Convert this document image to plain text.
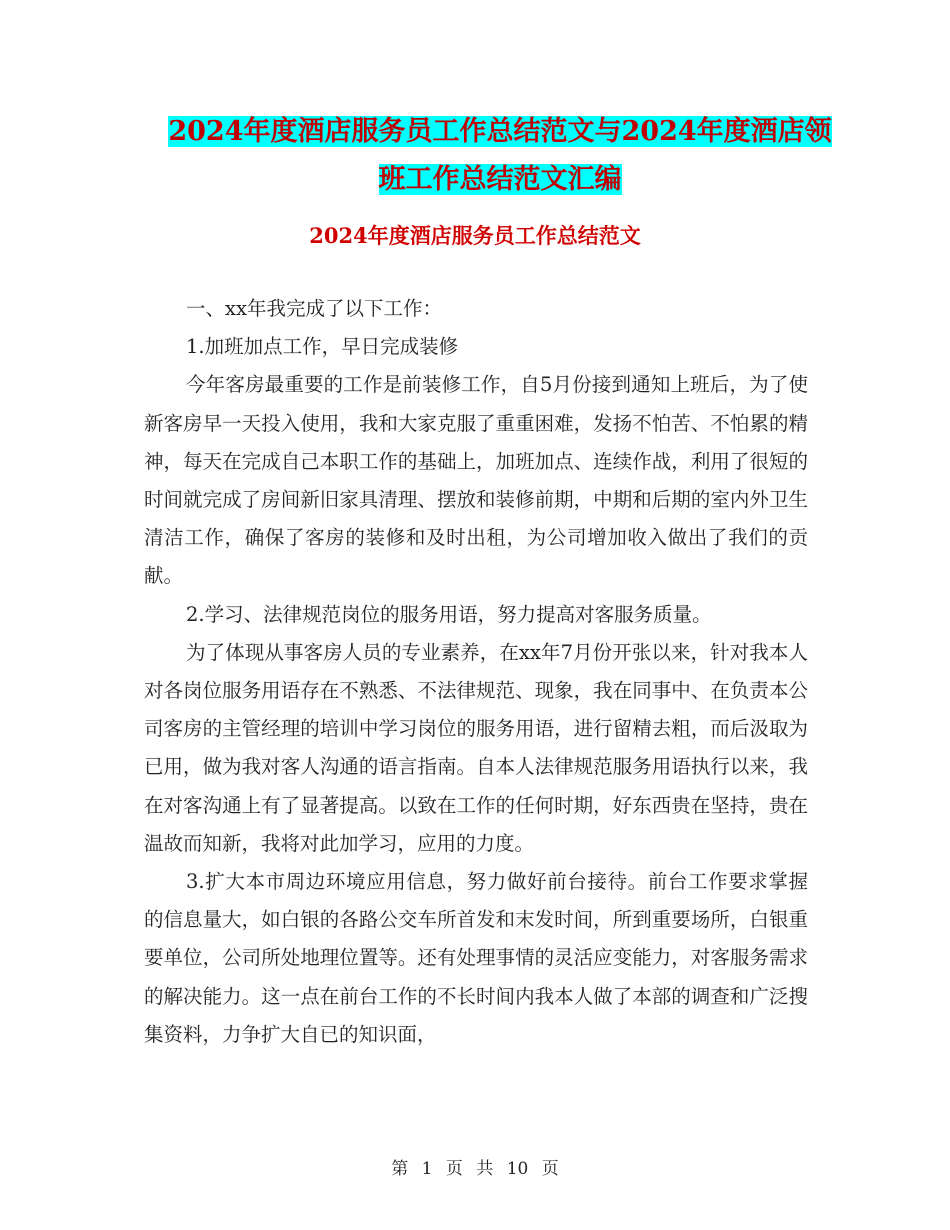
2024年度酒店服务员工作总结范文与2024年度酒店领
班工作总结范文汇编
2024年度酒店服务员工作总结范文

一、xx年我完成了以下工作：

1.加班加点工作，早日完成装修

今年客房最重要的工作是前装修工作，自5月份接到通知上班后，为了使新客房早一天投入使用，我和大家克服了重重困难，发扬不怕苦、不怕累的精神，每天在完成自己本职工作的基础上，加班加点、连续作战，利用了很短的时间就完成了房间新旧家具清理、摆放和装修前期，中期和后期的室内外卫生清洁工作，确保了客房的装修和及时出租，为公司增加收入做出了我们的贡献。

2.学习、法律规范岗位的服务用语，努力提高对客服务质量。

为了体现从事客房人员的专业素养，在xx年7月份开张以来，针对我本人对各岗位服务用语存在不熟悉、不法律规范、现象，我在同事中、在负责本公司客房的主管经理的培训中学习岗位的服务用语，进行留精去粗，而后汲取为已用，做为我对客人沟通的语言指南。自本人法律规范服务用语执行以来，我在对客沟通上有了显著提高。以致在工作的任何时期，好东西贵在坚持，贵在温故而知新，我将对此加学习，应用的力度。

3.扩大本市周边环境应用信息，努力做好前台接待。前台工作要求掌握的信息量大，如白银的各路公交车所首发和末发时间，所到重要场所，白银重要单位，公司所处地理位置等。还有处理事情的灵活应变能力，对客服务需求的解决能力。这一点在前台工作的不长时间内我本人做了本部的调查和广泛搜集资料，力争扩大自已的知识面，

第 1 页 共 10 页
